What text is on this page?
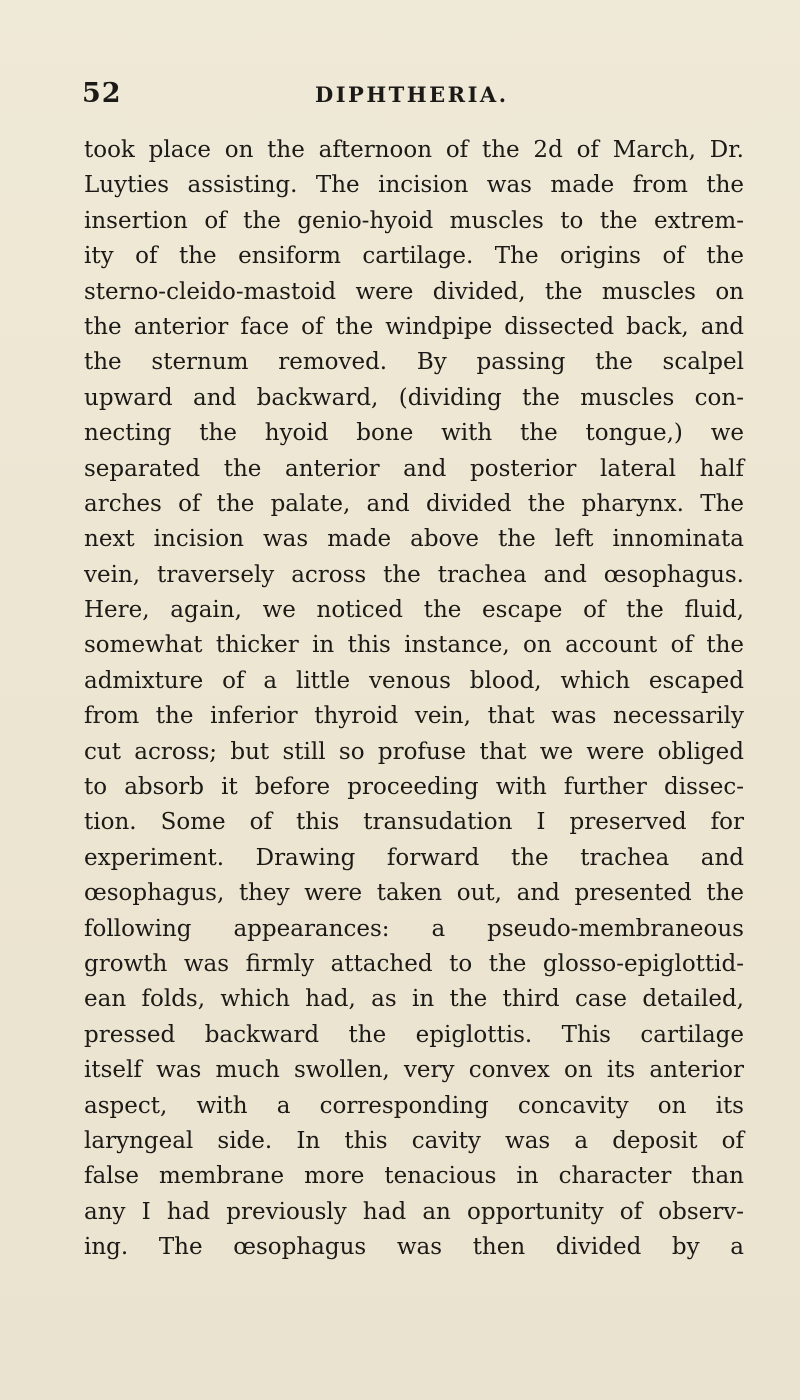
52	DIPHTHERIA.
took place on the afternoon of the 2d of March, Dr.
Luyties assisting. The incision was made from the
insertion of the genio-hyoid muscles to the extrem-
ity of the ensiform cartilage. The origins of the
sterno-cleido-mastoid were divided, the muscles on
the anterior face of the windpipe dissected back, and
the sternum removed. By passing the scalpel
upward and backward, (dividing the muscles con-
necting the hyoid bone with the tongue,) we
separated the anterior and posterior lateral half
arches of the palate, and divided the pharynx. The
next incision was made above the left innominata
vein, traversely across the trachea and œsophagus.
Here, again, we noticed the escape of the fluid,
somewhat thicker in this instance, on account of the
admixture of a little venous blood, which escaped
from the inferior thyroid vein, that was necessarily
cut across; but still so profuse that we were obliged
to absorb it before proceeding with further dissec-
tion. Some of this transudation I preserved for
experiment. Drawing forward the trachea and
œsophagus, they were taken out, and presented the
following appearances: a pseudo-membraneous
growth was firmly attached to the glosso-epiglottid-
ean folds, which had, as in the third case detailed,
pressed backward the epiglottis. This cartilage
itself was much swollen, very convex on its anterior
aspect, with a corresponding concavity on its
laryngeal side. In this cavity was a deposit of
false membrane more tenacious in character than
any I had previously had an opportunity of observ-
ing. The œsophagus was then divided by a
